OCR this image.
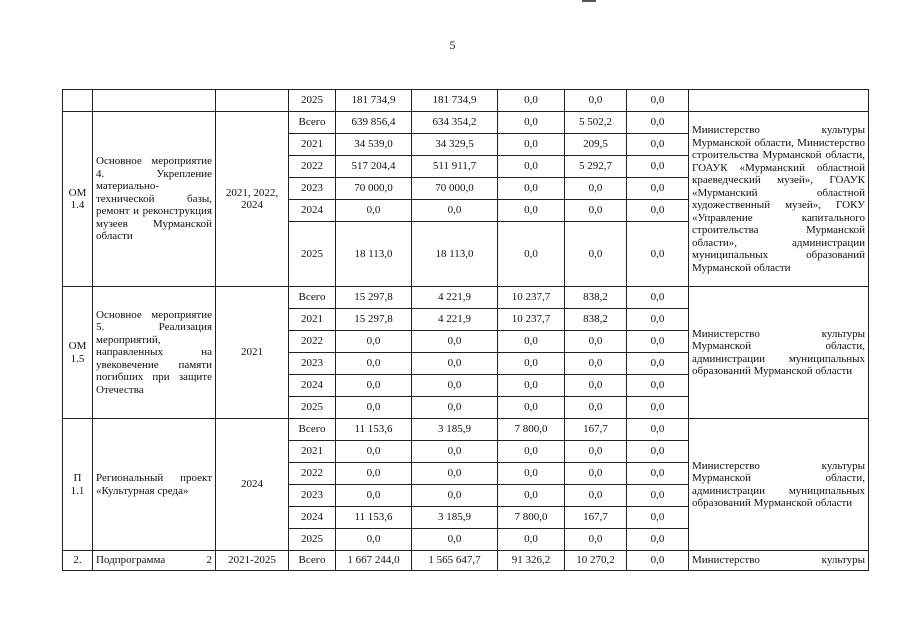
5
			2025	181 734,9	181 734,9	0,0	0,0	0,0	
ОМ 1.4	Основное мероприятие 4. Укрепление материально-технической базы, ремонт и реконструкция музеев Мурманской области	2021, 2022, 2024	Всего	639 856,4	634 354,2	0,0	5 502,2	0,0	Министерство культуры Мурманской области, Министерство строительства Мурманской области, ГОАУК «Мурманский областной краеведческий музей», ГОАУК «Мурманский областной художественный музей», ГОКУ «Управление капитального строительства Мурманской области», администрации муниципальных образований Мурманской области
			2021	34 539,0	34 329,5	0,0	209,5	0,0	
			2022	517 204,4	511 911,7	0,0	5 292,7	0,0	
			2023	70 000,0	70 000,0	0,0	0,0	0,0	
			2024	0,0	0,0	0,0	0,0	0,0	
			2025	18 113,0	18 113,0	0,0	0,0	0,0	
ОМ 1.5	Основное мероприятие 5. Реализация мероприятий, направленных на увековечение памяти погибших при защите Отечества	2021	Всего	15 297,8	4 221,9	10 237,7	838,2	0,0	Министерство культуры Мурманской области, администрации муниципальных образований Мурманской области
			2021	15 297,8	4 221,9	10 237,7	838,2	0,0	
			2022	0,0	0,0	0,0	0,0	0,0	
			2023	0,0	0,0	0,0	0,0	0,0	
			2024	0,0	0,0	0,0	0,0	0,0	
			2025	0,0	0,0	0,0	0,0	0,0	
П 1.1	Региональный проект «Культурная среда»	2024	Всего	11 153,6	3 185,9	7 800,0	167,7	0,0	Министерство культуры Мурманской области, администрации муниципальных образований Мурманской области
			2021	0,0	0,0	0,0	0,0	0,0	
			2022	0,0	0,0	0,0	0,0	0,0	
			2023	0,0	0,0	0,0	0,0	0,0	
			2024	11 153,6	3 185,9	7 800,0	167,7	0,0	
			2025	0,0	0,0	0,0	0,0	0,0	
2.	Подпрограмма 2	2021-2025	Всего	1 667 244,0	1 565 647,7	91 326,2	10 270,2	0,0	Министерство культуры
